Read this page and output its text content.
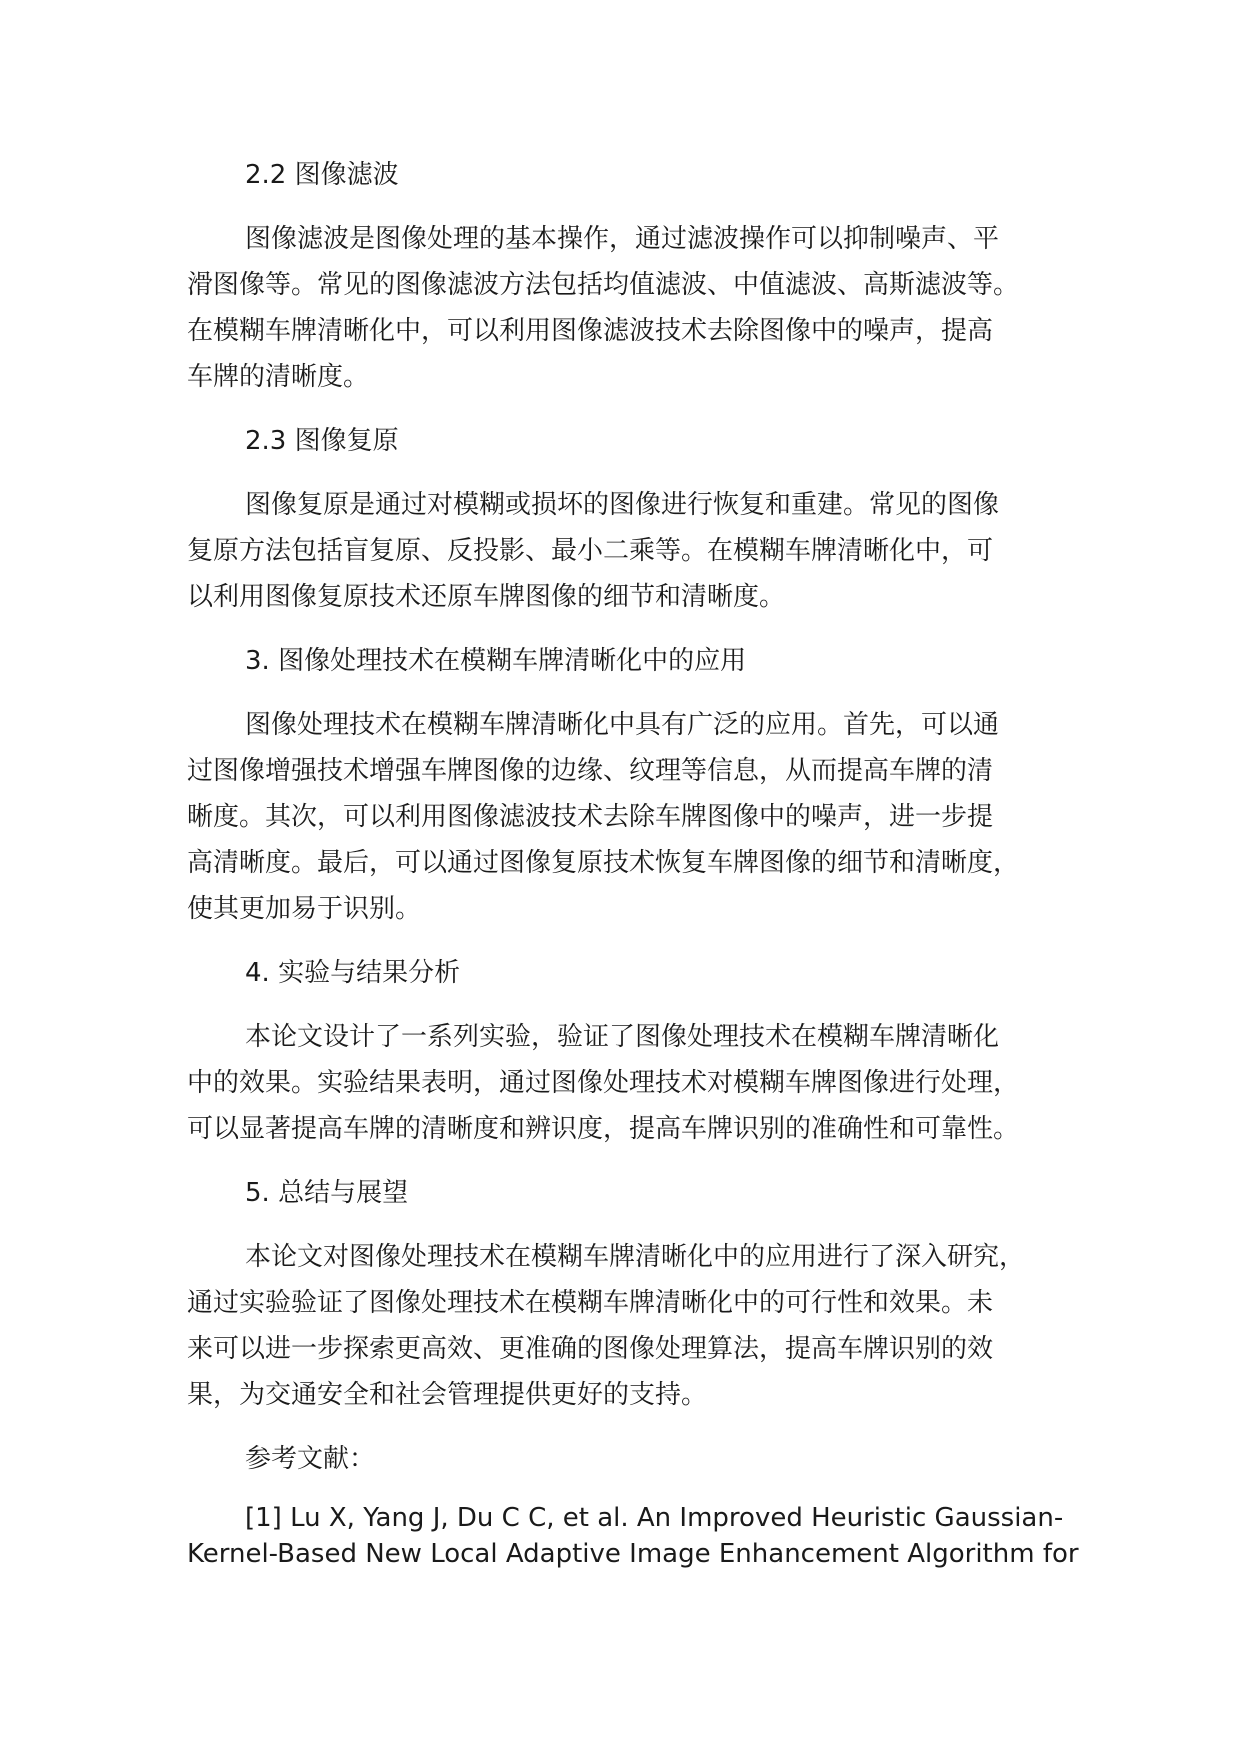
2.2 图像滤波

图像滤波是图像处理的基本操作，通过滤波操作可以抑制噪声、平
滑图像等。常见的图像滤波方法包括均值滤波、中值滤波、高斯滤波等。
在模糊车牌清晰化中，可以利用图像滤波技术去除图像中的噪声，提高
车牌的清晰度。

2.3 图像复原

图像复原是通过对模糊或损坏的图像进行恢复和重建。常见的图像
复原方法包括盲复原、反投影、最小二乘等。在模糊车牌清晰化中，可
以利用图像复原技术还原车牌图像的细节和清晰度。

3. 图像处理技术在模糊车牌清晰化中的应用

图像处理技术在模糊车牌清晰化中具有广泛的应用。首先，可以通
过图像增强技术增强车牌图像的边缘、纹理等信息，从而提高车牌的清
晰度。其次，可以利用图像滤波技术去除车牌图像中的噪声，进一步提
高清晰度。最后，可以通过图像复原技术恢复车牌图像的细节和清晰度，
使其更加易于识别。

4. 实验与结果分析

本论文设计了一系列实验，验证了图像处理技术在模糊车牌清晰化
中的效果。实验结果表明，通过图像处理技术对模糊车牌图像进行处理，
可以显著提高车牌的清晰度和辨识度，提高车牌识别的准确性和可靠性。

5. 总结与展望

本论文对图像处理技术在模糊车牌清晰化中的应用进行了深入研究，
通过实验验证了图像处理技术在模糊车牌清晰化中的可行性和效果。未
来可以进一步探索更高效、更准确的图像处理算法，提高车牌识别的效
果，为交通安全和社会管理提供更好的支持。

参考文献：

[1] Lu X, Yang J, Du C C, et al. An Improved Heuristic Gaussian-
Kernel-Based New Local Adaptive Image Enhancement Algorithm for
